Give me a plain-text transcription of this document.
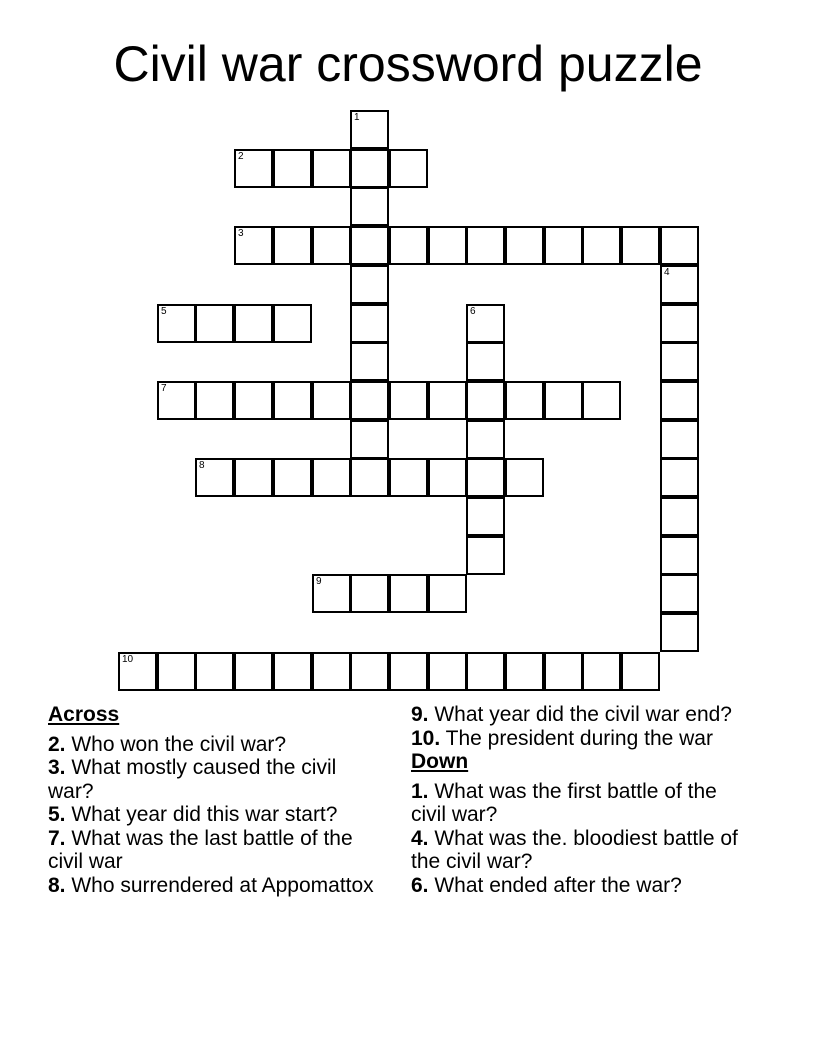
Civil war crossword puzzle
1
2
3
4
5	6
7
8
9
10
Across

2. Who won the civil war?

3. What mostly caused the civil war?

5. What year did this war start?

7. What was the last battle of the civil war

8. Who surrendered at Appomattox

9. What year did the civil war end?

10. The president during the war

Down

1. What was the first battle of the civil war?

4. What was the. bloodiest battle of the civil war?

6. What ended after the war?
